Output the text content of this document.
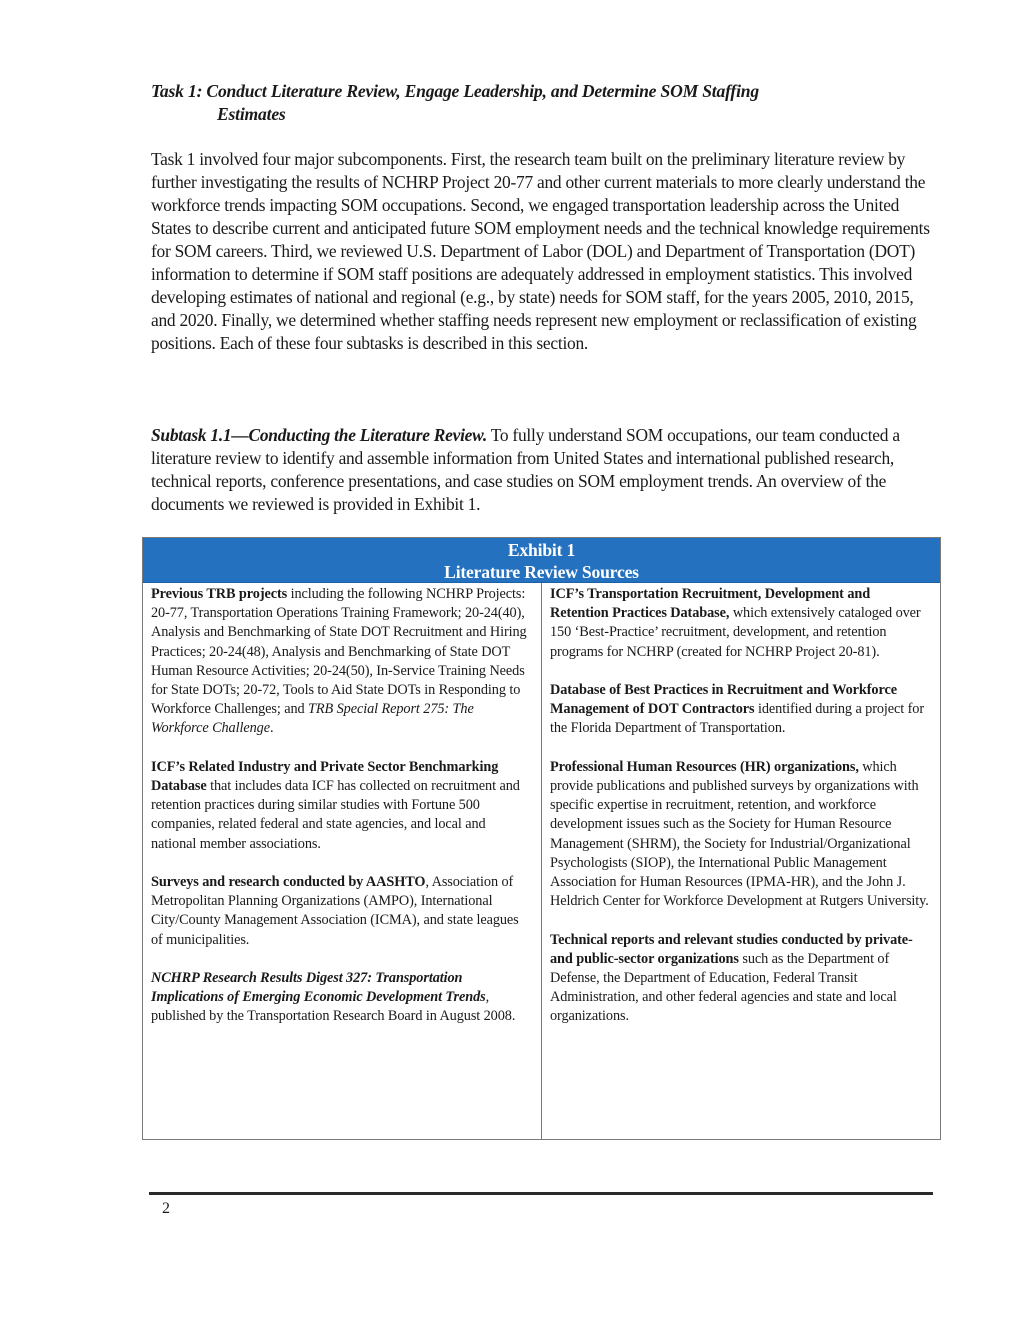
Task 1: Conduct Literature Review, Engage Leadership, and Determine SOM Staffing
Estimates

Task 1 involved four major subcomponents. First, the research team built on the preliminary literature review by further investigating the results of NCHRP Project 20-77 and other current materials to more clearly understand the workforce trends impacting SOM occupations. Second, we engaged transportation leadership across the United States to describe current and anticipated future SOM employment needs and the technical knowledge requirements for SOM careers. Third, we reviewed U.S. Department of Labor (DOL) and Department of Transportation (DOT) information to determine if SOM staff positions are adequately addressed in employment statistics. This involved developing estimates of national and regional (e.g., by state) needs for SOM staff, for the years 2005, 2010, 2015, and 2020. Finally, we determined whether staffing needs represent new employment or reclassification of existing positions. Each of these four subtasks is described in this section.

Subtask 1.1—Conducting the Literature Review. To fully understand SOM occupations, our team conducted a literature review to identify and assemble information from United States and international published research, technical reports, conference presentations, and case studies on SOM employment trends. An overview of the documents we reviewed is provided in Exhibit 1.

Exhibit 1
Literature Review Sources

Previous TRB projects including the following NCHRP Projects: 20-77, Transportation Operations Training Framework; 20-24(40), Analysis and Benchmarking of State DOT Recruitment and Hiring Practices; 20-24(48), Analysis and Benchmarking of State DOT Human Resource Activities; 20-24(50), In-Service Training Needs for State DOTs; 20-72, Tools to Aid State DOTs in Responding to Workforce Challenges; and TRB Special Report 275: The Workforce Challenge.

ICF’s Related Industry and Private Sector Benchmarking Database that includes data ICF has collected on recruitment and retention practices during similar studies with Fortune 500 companies, related federal and state agencies, and local and national member associations.

Surveys and research conducted by AASHTO, Association of Metropolitan Planning Organizations (AMPO), International City/County Management Association (ICMA), and state leagues of municipalities.

NCHRP Research Results Digest 327: Transportation Implications of Emerging Economic Development Trends, published by the Transportation Research Board in August 2008.

ICF’s Transportation Recruitment, Development and Retention Practices Database, which extensively cataloged over 150 ‘Best-Practice’ recruitment, development, and retention programs for NCHRP (created for NCHRP Project 20-81).

Database of Best Practices in Recruitment and Workforce Management of DOT Contractors identified during a project for the Florida Department of Transportation.

Professional Human Resources (HR) organizations, which provide publications and published surveys by organizations with specific expertise in recruitment, retention, and workforce development issues such as the Society for Human Resource Management (SHRM), the Society for Industrial/Organizational Psychologists (SIOP), the International Public Management Association for Human Resources (IPMA-HR), and the John J. Heldrich Center for Workforce Development at Rutgers University.

Technical reports and relevant studies conducted by private- and public-sector organizations such as the Department of Defense, the Department of Education, Federal Transit Administration, and other federal agencies and state and local organizations.

2
